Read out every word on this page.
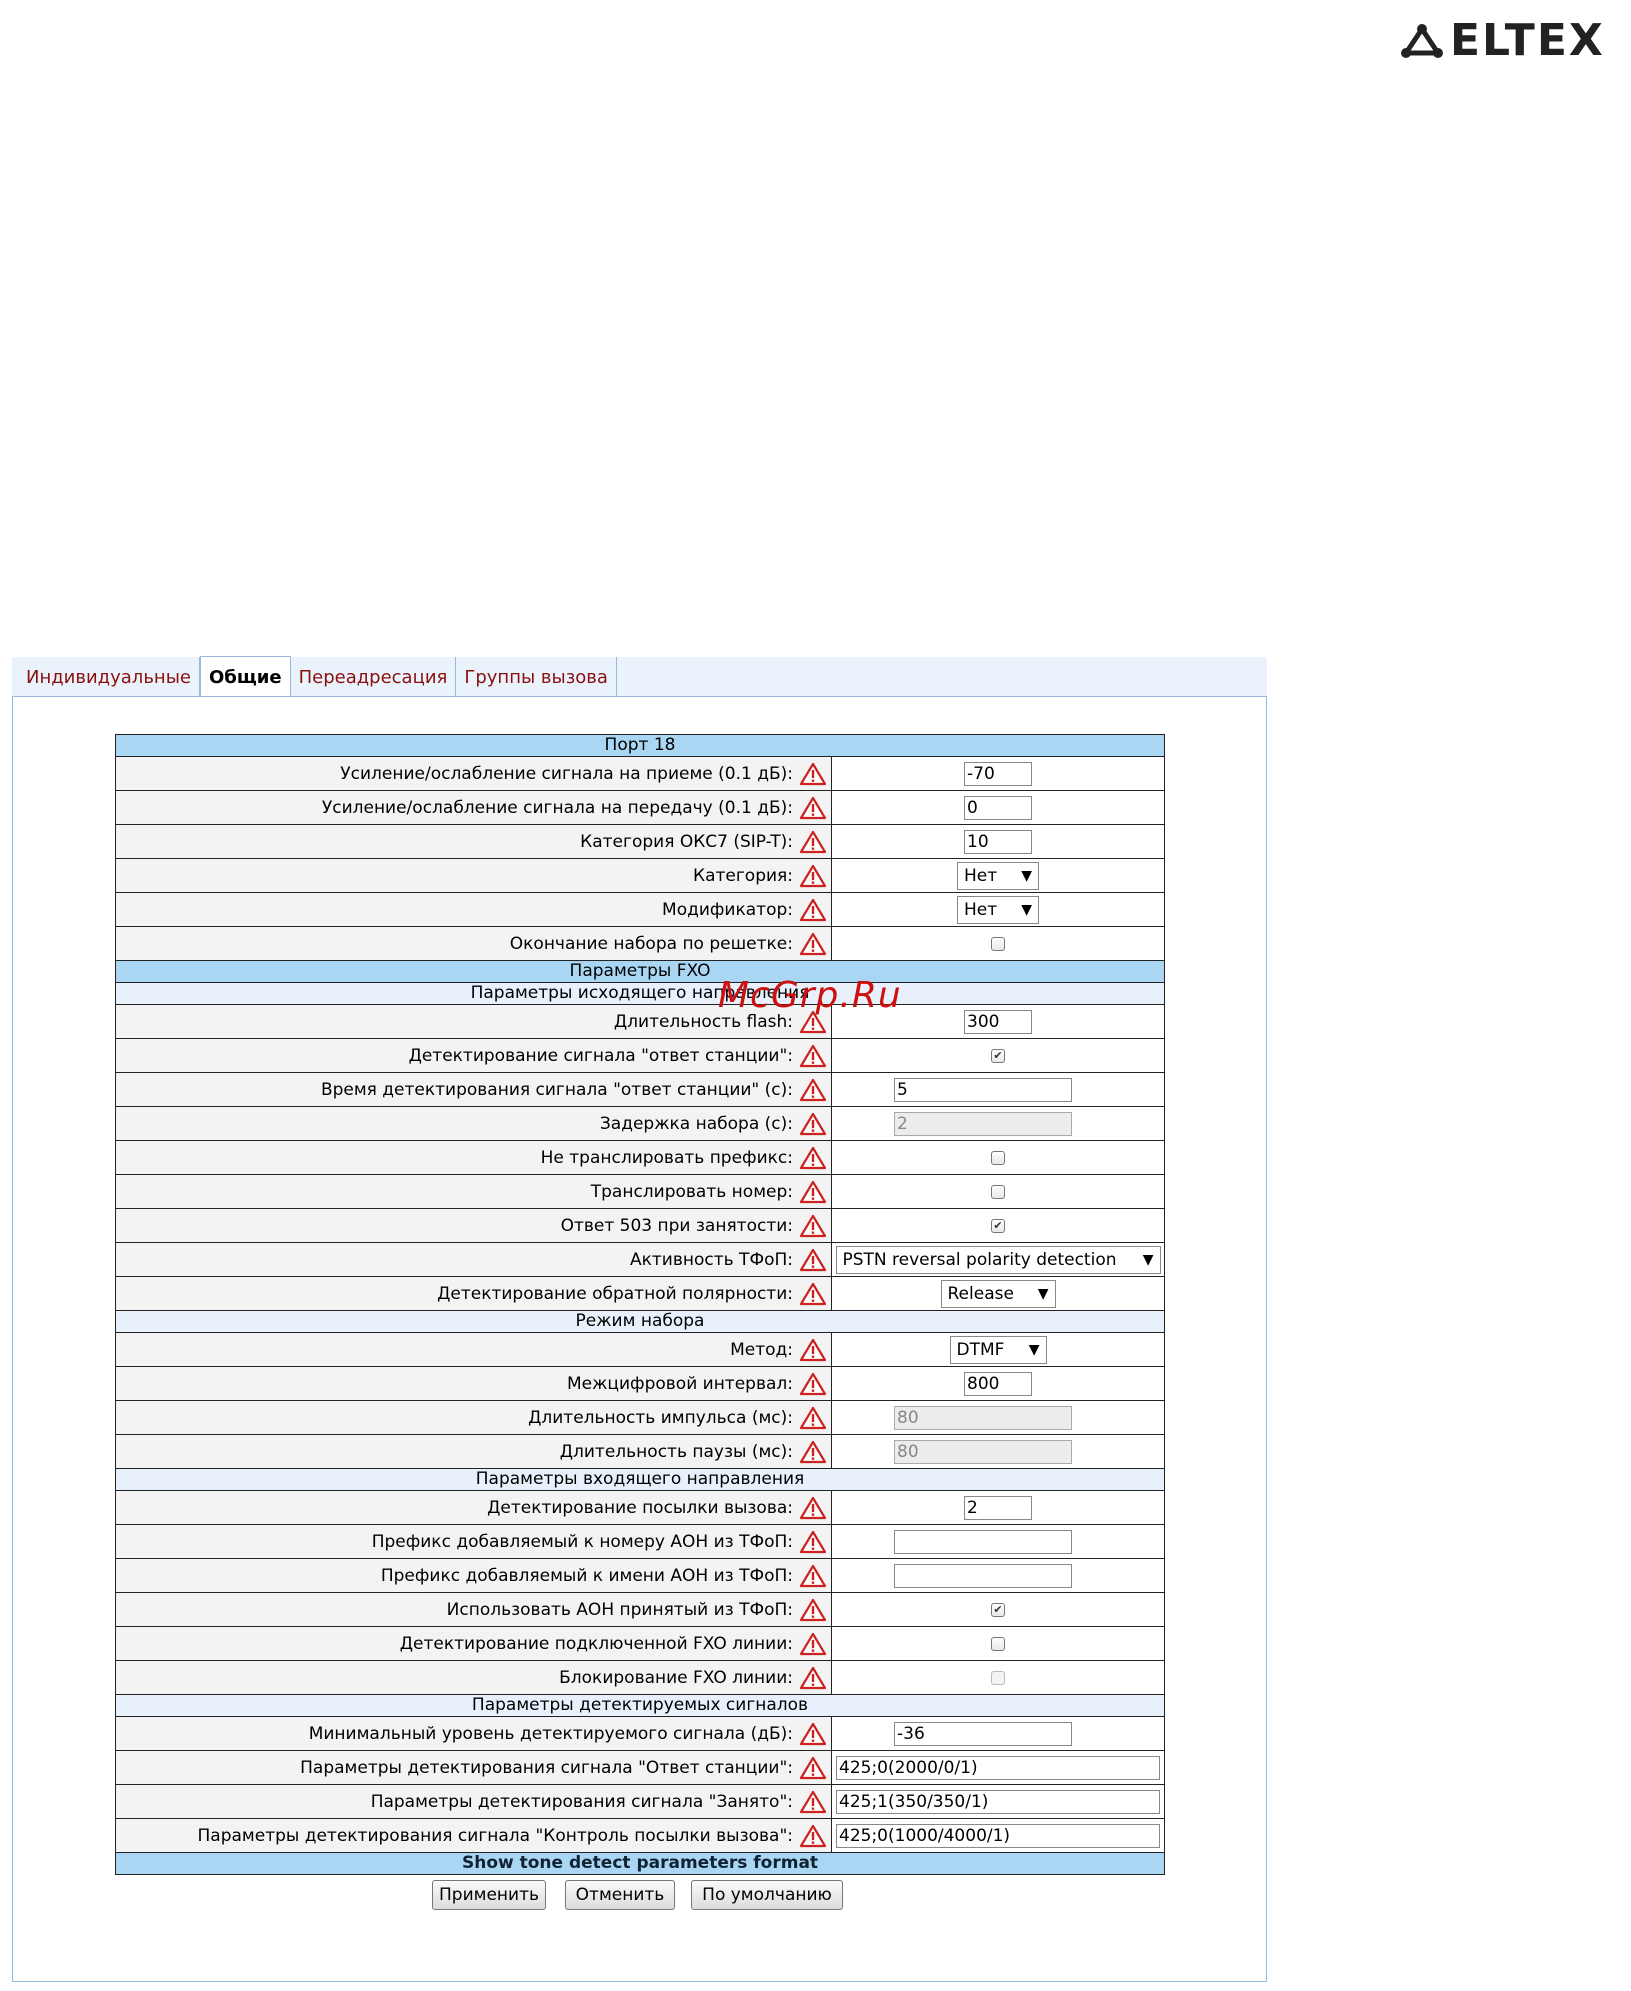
ELTEX
Индивидуальные	Общие Переадресация Группы вызова
Порт 18	
Усиление/ослабление сигнала на приеме (0.1 дБ):	-70
Усиление/ослабление сигнала на передачу (0.1 дБ):	0
Категория ОКС7 (SIP-T):	10
Категория:	Нет ▼

Модификатор:	Нет ▼

Окончание набора по решетке:	
Параметры FXO	
Параметры исходящего направления	
Длительность flash:	300
Детектирование сигнала "ответ станции":	✔
Время детектирования сигнала "ответ станции" (с):	5
Задержка набора (с):	2
Не транслировать префикс:	
Транслировать номер:	
Ответ 503 при занятости:	✔
Активность ТФоП:	PSTN reversal polarity detection ▼

Детектирование обратной полярности:	Release ▼

Режим набора	
Метод:	DTMF ▼

Межцифровой интервал:	800
Длительность импульса (мс):	80
Длительность паузы (мс):	80
Параметры входящего направления	
Детектирование посылки вызова:	2
Префикс добавляемый к номеру АОН из ТФоП:	
Префикс добавляемый к имени АОН из ТФоП:	
Использовать АОН принятый из ТФоП:	✔
Детектирование подключенной FXO линии:	
Блокирование FXO линии:	
Параметры детектируемых сигналов	
Минимальный уровень детектируемого сигнала (дБ):	-36
Параметры детектирования сигнала "Ответ станции":	425;0(2000/0/1)
Параметры детектирования сигнала "Занято":	425;1(350/350/1)
Параметры детектирования сигнала "Контроль посылки вызова":	425;0(1000/4000/1)
Show tone detect parameters format	
McGrp.Ru
Применить	Отменить	По умолчанию
